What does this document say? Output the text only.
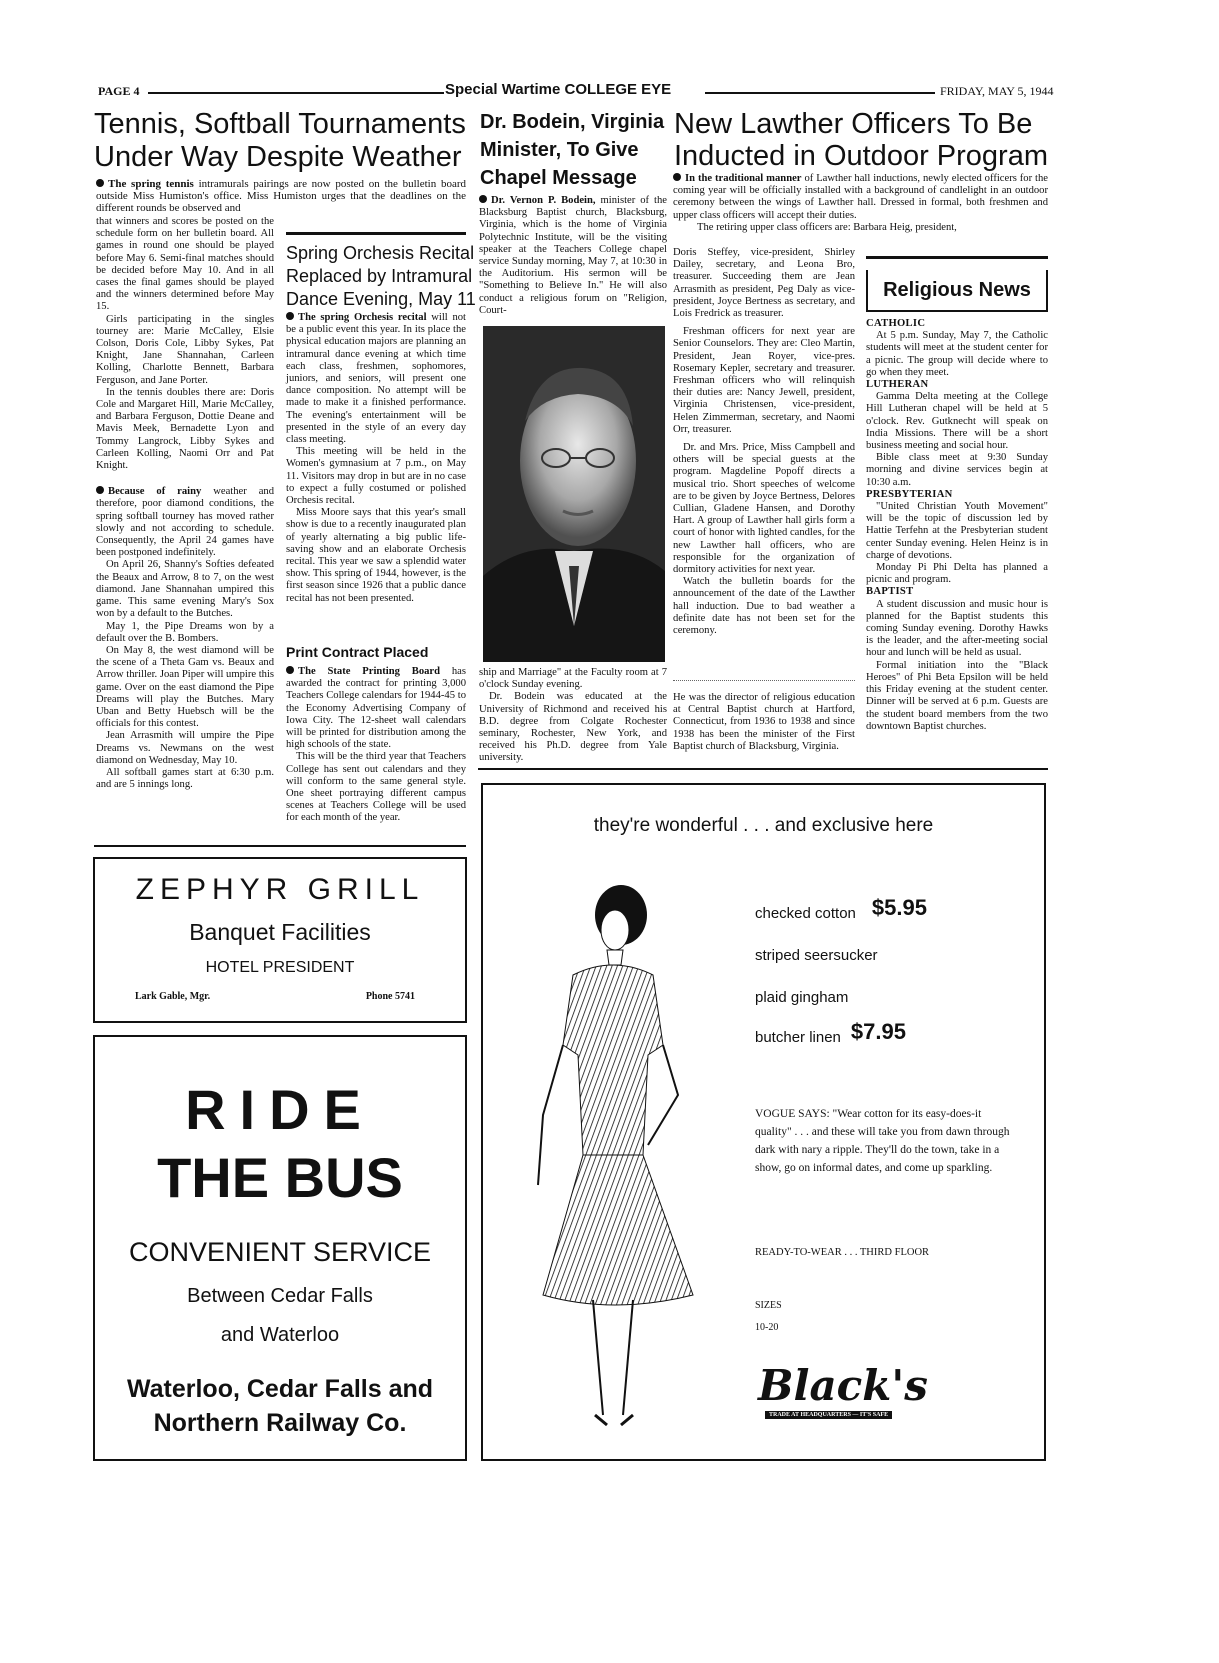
PAGE 4	Special Wartime COLLEGE EYE	FRIDAY, MAY 5, 1944
Tennis, Softball Tournaments
Under Way Despite Weather

The spring tennis intramurals pairings are now posted on the bulletin board outside Miss Humiston's office. Miss Humiston urges that the deadlines on the different rounds be observed and

that winners and scores be posted on the schedule form on her bulletin board. All games in round one should be played before May 6. Semi-final matches should be decided before May 10. And in all cases the final games should be played and the winners determined before May 15.

Girls participating in the singles tourney are: Marie McCalley, Elsie Colson, Doris Cole, Libby Sykes, Pat Knight, Jane Shannahan, Carleen Kolling, Charlotte Bennett, Barbara Ferguson, and Jane Porter.

In the tennis doubles there are: Doris Cole and Margaret Hill, Marie McCalley, and Barbara Ferguson, Dottie Deane and Mavis Meek, Bernadette Lyon and Tommy Langrock, Libby Sykes and Carleen Kolling, Naomi Orr and Pat Knight.

Because of rainy weather and therefore, poor diamond conditions, the spring softball tourney has moved rather slowly and not according to schedule. Consequently, the April 24 games have been postponed indefinitely.

On April 26, Shanny's Softies defeated the Beaux and Arrow, 8 to 7, on the west diamond. Jane Shannahan umpired this game. This same evening Mary's Sox won by a default to the Butches.

May 1, the Pipe Dreams won by a default over the B. Bombers.

On May 8, the west diamond will be the scene of a Theta Gam vs. Beaux and Arrow thriller. Joan Piper will umpire this game. Over on the east diamond the Pipe Dreams will play the Butches. Mary Uban and Betty Huebsch will be the officials for this contest.

Jean Arrasmith will umpire the Pipe Dreams vs. Newmans on the west diamond on Wednesday, May 10.

All softball games start at 6:30 p.m. and are 5 innings long.

Spring Orchesis Recital
Replaced by Intramural
Dance Evening, May 11

The spring Orchesis recital will not be a public event this year. In its place the physical education majors are planning an intramural dance evening at which time each class, freshmen, sophomores, juniors, and seniors, will present one dance composition. No attempt will be made to make it a finished performance. The evening's entertainment will be presented in the style of an every day class meeting.

This meeting will be held in the Women's gymnasium at 7 p.m., on May 11. Visitors may drop in but are in no case to expect a fully costumed or polished Orchesis recital.

Miss Moore says that this year's small show is due to a recently inaugurated plan of yearly alternating a big public life-saving show and an elaborate Orchesis recital. This year we saw a splendid water show. This spring of 1944, however, is the first season since 1926 that a public dance recital has not been presented.

Print Contract Placed

The State Printing Board has awarded the contract for printing 3,000 Teachers College calendars for 1944-45 to the Economy Advertising Company of Iowa City. The 12-sheet wall calendars will be printed for distribution among the high schools of the state.

This will be the third year that Teachers College has sent out calendars and they will conform to the same general style. One sheet portraying different campus scenes at Teachers College will be used for each month of the year.

Dr. Bodein, Virginia
Minister, To Give
Chapel Message

Dr. Vernon P. Bodein, minister of the Blacksburg Baptist church, Blacksburg, Virginia, which is the home of Virginia Polytechnic Institute, will be the visiting speaker at the Teachers College chapel service Sunday morning, May 7, at 10:30 in the Auditorium. His sermon will be "Something to Believe In." He will also conduct a religious forum on "Religion, Court-

ship and Marriage" at the Faculty room at 7 o'clock Sunday evening.

Dr. Bodein was educated at the University of Richmond and received his B.D. degree from Colgate Rochester seminary, Rochester, New York, and received his Ph.D. degree from Yale university.

New Lawther Officers To Be
Inducted in Outdoor Program

In the traditional manner of Lawther hall inductions, newly elected officers for the coming year will be officially installed with a background of candlelight in an outdoor ceremony between the wings of Lawther hall. Dressed in formal, both freshmen and upper class officers will accept their duties.

The retiring upper class officers are: Barbara Heig, president,

Doris Steffey, vice-president, Shirley Dailey, secretary, and Leona Bro, treasurer. Succeeding them are Jean Arrasmith as president, Peg Daly as vice-president, Joyce Bertness as secretary, and Lois Fredrick as treasurer.

Freshman officers for next year are Senior Counselors. They are: Cleo Martin, President, Jean Royer, vice-pres. Rosemary Kepler, secretary and treasurer. Freshman officers who will relinquish their duties are: Nancy Jewell, president, Virginia Christensen, vice-president, Helen Zimmerman, secretary, and Naomi Orr, treasurer.

Dr. and Mrs. Price, Miss Campbell and others will be special guests at the program. Magdeline Popoff directs a musical trio. Short speeches of welcome are to be given by Joyce Bertness, Delores Cullian, Gladene Hansen, and Dorothy Hart. A group of Lawther hall girls form a court of honor with lighted candles, for the new Lawther hall officers, who are responsible for the organization of dormitory activities for next year.

Watch the bulletin boards for the announcement of the date of the Lawther hall induction. Due to bad weather a definite date has not been set for the ceremony.

He was the director of religious education at Central Baptist church at Hartford, Connecticut, from 1936 to 1938 and since 1938 has been the minister of the First Baptist church of Blacksburg, Virginia.

Religious News
CATHOLIC

At 5 p.m. Sunday, May 7, the Catholic students will meet at the student center for a picnic. The group will decide where to go when they meet.

LUTHERAN

Gamma Delta meeting at the College Hill Lutheran chapel will be held at 5 o'clock. Rev. Gutknecht will speak on India Missions. There will be a short business meeting and social hour.

Bible class meet at 9:30 Sunday morning and divine services begin at 10:30 a.m.

PRESBYTERIAN

"United Christian Youth Movement" will be the topic of discussion led by Hattie Terfehn at the Presbyterian student center Sunday evening. Helen Heinz is in charge of devotions.

Monday Pi Phi Delta has planned a picnic and program.

BAPTIST

A student discussion and music hour is planned for the Baptist students this coming Sunday evening. Dorothy Hawks is the leader, and the after-meeting social hour and lunch will be held as usual.

Formal initiation into the "Black Heroes" of Phi Beta Epsilon will be held this Friday evening at the student center. Dinner will be served at 6 p.m. Guests are the student board members from the two downtown Baptist churches.

ZEPHYR GRILL
Banquet Facilities
HOTEL PRESIDENT
Lark Gable, Mgr.	Phone 5741
RIDE
THE BUS
CONVENIENT SERVICE
Between Cedar Falls
and Waterloo
Waterloo, Cedar Falls and
Northern Railway Co.
they're wonderful . . . and exclusive here
checked cotton $5.95
striped seersucker
plaid gingham
butcher linen $7.95
VOGUE SAYS: "Wear cotton for its easy-does-it quality" . . . and these will take you from dawn through dark with nary a ripple. They'll do the town, take in a show, go on informal dates, and come up sparkling.
READY-TO-WEAR . . . THIRD FLOOR
SIZES
10-20
Black's
TRADE AT HEADQUARTERS — IT'S SAFE
